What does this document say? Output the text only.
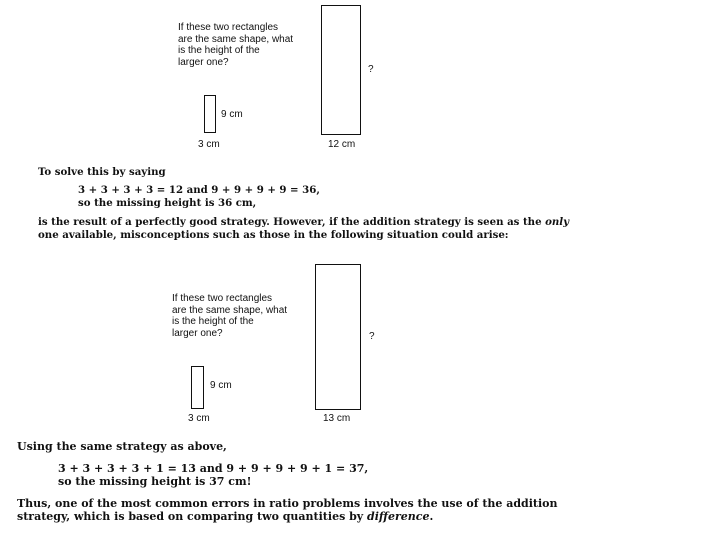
If these two rectangles
are the same shape, what
is the height of the
larger one?
9 cm
3 cm
?
12 cm
To solve this by saying
3 + 3 + 3 + 3 = 12 and 9 + 9 + 9 + 9 = 36,
so the missing height is 36 cm,
is the result of a perfectly good strategy. However, if the addition strategy is seen as the only
one available, misconceptions such as those in the following situation could arise:
If these two rectangles
are the same shape, what
is the height of the
larger one?
9 cm
3 cm
?
13 cm
Using the same strategy as above,
3 + 3 + 3 + 3 + 1 = 13 and 9 + 9 + 9 + 9 + 1 = 37,
so the missing height is 37 cm!
Thus, one of the most common errors in ratio problems involves the use of the addition
strategy, which is based on comparing two quantities by difference.
